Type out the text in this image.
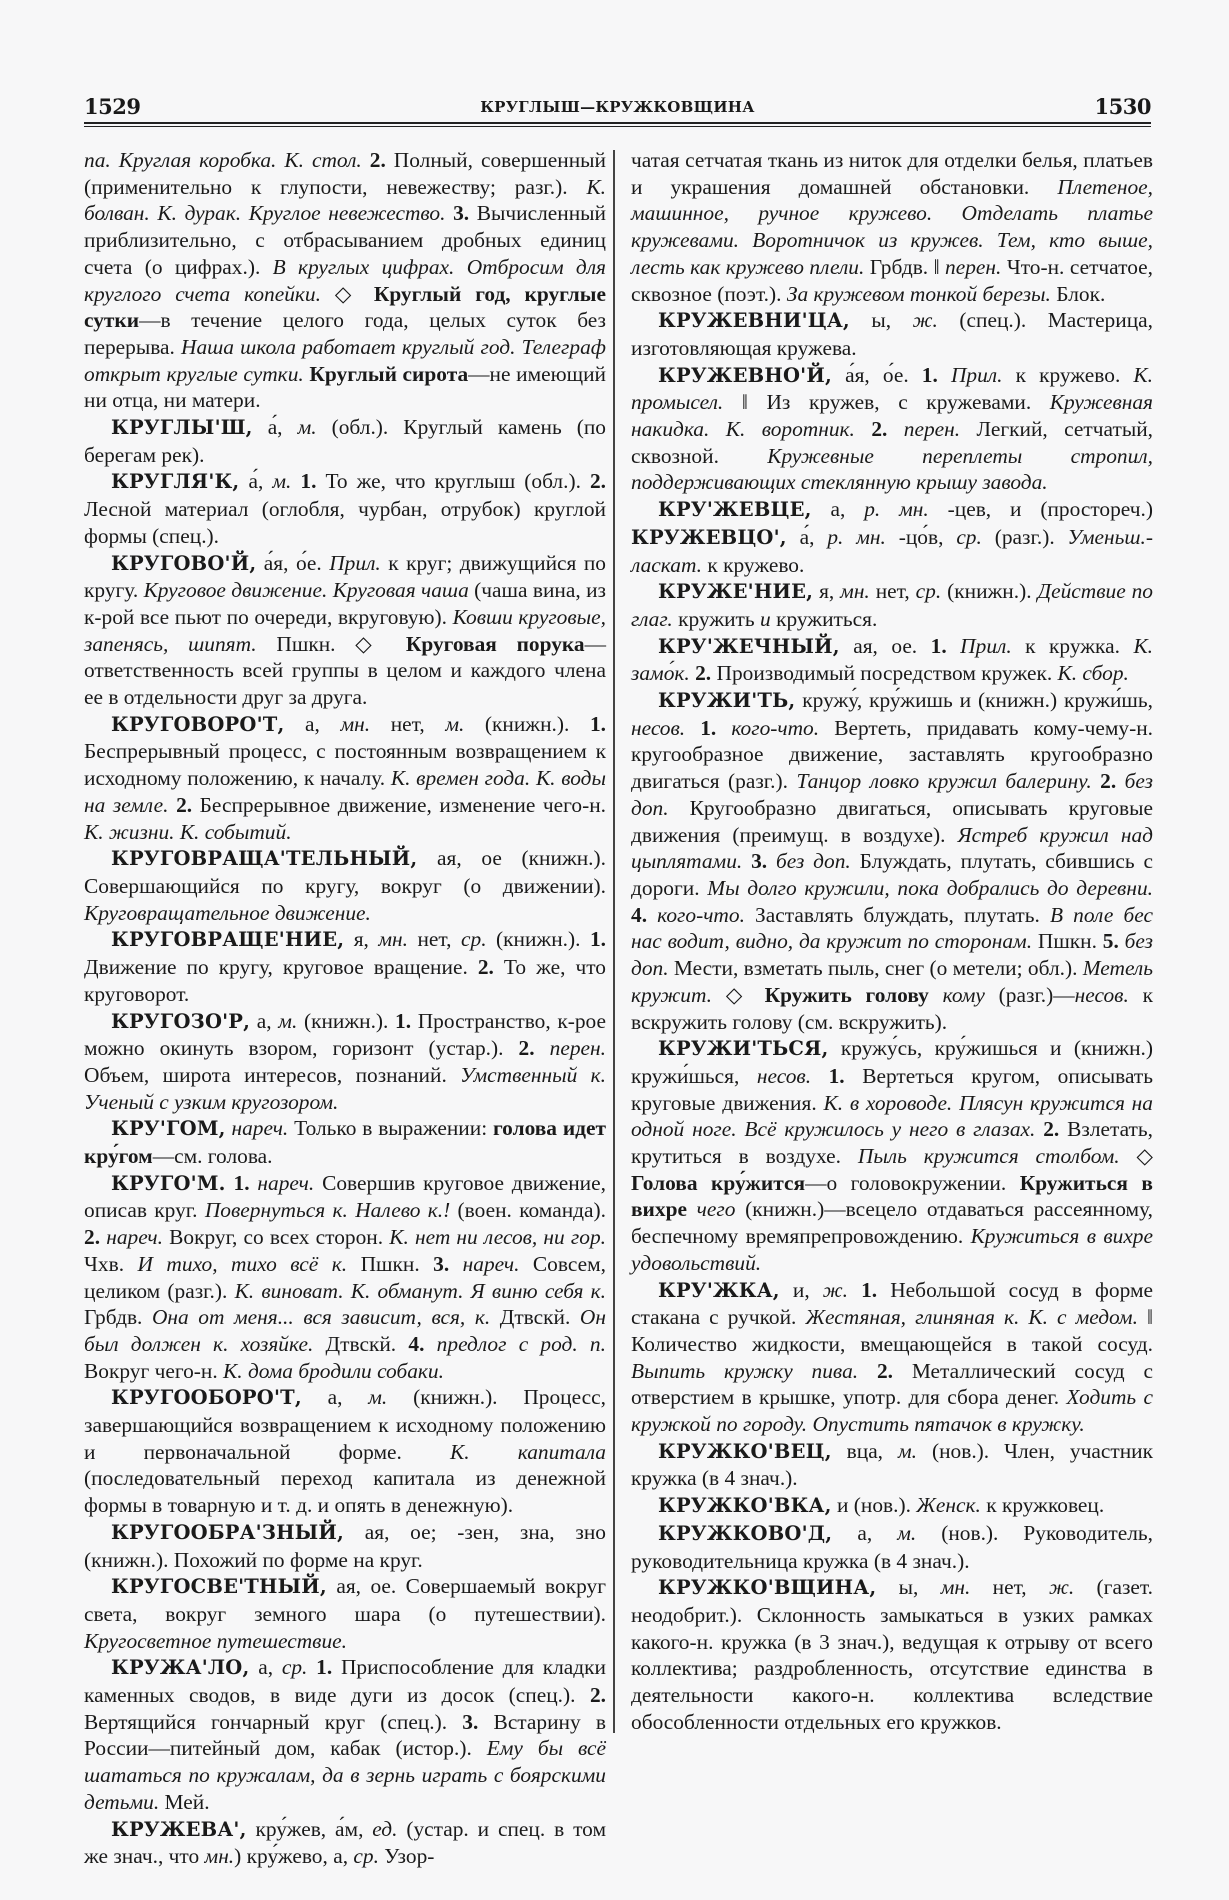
1529	КРУГЛЫШ—КРУЖКОВЩИНА	1530

па. Круглая коробка. К. стол. 2. Полный, совершенный (применительно к глупости, невежеству; разг.). К. болван. К. дурак. Круглое невежество. 3. Вычисленный приблизительно, с отбрасыванием дробных единиц счета (о цифрах.). В круглых цифрах. Отбросим для круглого счета копейки. ◇ Круглый год, круглые сутки—в течение целого года, целых суток без перерыва. Наша школа работает круглый год. Телеграф открыт круглые сутки. Круглый сирота—не имеющий ни отца, ни матери.

КРУГЛЫ'Ш, а́, м. (обл.). Круглый камень (по берегам рек).

КРУГЛЯ'К, а́, м. 1. То же, что круглыш (обл.). 2. Лесной материал (оглобля, чурбан, отрубок) круглой формы (спец.).

КРУГОВО'Й, а́я, о́е. Прил. к круг; движущийся по кругу. Круговое движение. Круговая чаша (чаша вина, из к-рой все пьют по очереди, вкруговую). Ковши круговые, запенясь, шипят. Пшкн. ◇ Круговая порука—ответственность всей группы в целом и каждого члена ее в отдельности друг за друга.

КРУГОВОРО'Т, а, мн. нет, м. (книжн.). 1. Беспрерывный процесс, с постоянным возвращением к исходному положению, к началу. К. времен года. К. воды на земле. 2. Беспрерывное движение, изменение чего-н. К. жизни. К. событий.

КРУГОВРАЩА'ТЕЛЬНЫЙ, ая, ое (книжн.). Совершающийся по кругу, вокруг (о движении). Круговращательное движение.

КРУГОВРАЩЕ'НИЕ, я, мн. нет, ср. (книжн.). 1. Движение по кругу, круговое вращение. 2. То же, что круговорот.

КРУГОЗО'Р, а, м. (книжн.). 1. Пространство, к-рое можно окинуть взором, горизонт (устар.). 2. перен. Объем, широта интересов, познаний. Умственный к. Ученый с узким кругозором.

КРУ'ГОМ, нареч. Только в выражении: голова идет кру́гом—см. голова.

КРУГО'М. 1. нареч. Совершив круговое движение, описав круг. Повернуться к. Налево к.! (воен. команда). 2. нареч. Вокруг, со всех сторон. К. нет ни лесов, ни гор. Чхв. И тихо, тихо всё к. Пшкн. 3. нареч. Совсем, целиком (разг.). К. виноват. К. обманут. Я виню себя к. Грбдв. Она от меня... вся зависит, вся, к. Дтвскй. Он был должен к. хозяйке. Дтвскй. 4. предлог с род. п. Вокруг чего-н. К. дома бродили собаки.

КРУГООБОРО'Т, а, м. (книжн.). Процесс, завершающийся возвращением к исходному положению и первоначальной форме. К. капитала (последовательный переход капитала из денежной формы в товарную и т. д. и опять в денежную).

КРУГООБРА'ЗНЫЙ, ая, ое; -зен, зна, зно (книжн.). Похожий по форме на круг.

КРУГОСВЕ'ТНЫЙ, ая, ое. Совершаемый вокруг света, вокруг земного шара (о путешествии). Кругосветное путешествие.

КРУЖА'ЛО, а, ср. 1. Приспособление для кладки каменных сводов, в виде дуги из досок (спец.). 2. Вертящийся гончарный круг (спец.). 3. Встарину в России—питейный дом, кабак (истор.). Ему бы всё шататься по кружалам, да в зернь играть с боярскими детьми. Мей.

КРУЖЕВА', кру́жев, а́м, ед. (устар. и спец. в том же знач., что мн.) кру́жево, а, ср. Узор-

чатая сетчатая ткань из ниток для отделки белья, платьев и украшения домашней обстановки. Плетеное, машинное, ручное кружево. Отделать платье кружевами. Воротничок из кружев. Тем, кто выше, лесть как кружево плели. Грбдв. ‖ перен. Что-н. сетчатое, сквозное (поэт.). За кружевом тонкой березы. Блок.

КРУЖЕВНИ'ЦА, ы, ж. (спец.). Мастерица, изготовляющая кружева.

КРУЖЕВНО'Й, а́я, о́е. 1. Прил. к кружево. К. промысел. ‖ Из кружев, с кружевами. Кружевная накидка. К. воротник. 2. перен. Легкий, сетчатый, сквозной. Кружевные переплеты стропил, поддерживающих стеклянную крышу завода.

КРУ'ЖЕВЦЕ, а, р. мн. -цев, и (простореч.) КРУЖЕВЦО', а́, р. мн. -цо́в, ср. (разг.). Уменьш.-ласкат. к кружево.

КРУЖЕ'НИЕ, я, мн. нет, ср. (книжн.). Действие по глаг. кружить и кружиться.

КРУ'ЖЕЧНЫЙ, ая, ое. 1. Прил. к кружка. К. замо́к. 2. Производимый посредством кружек. К. сбор.

КРУЖИ'ТЬ, кружу́, кру́жишь и (книжн.) кружи́шь, несов. 1. кого-что. Вертеть, придавать кому-чему-н. кругообразное движение, заставлять кругообразно двигаться (разг.). Танцор ловко кружил балерину. 2. без доп. Кругообразно двигаться, описывать круговые движения (преимущ. в воздухе). Ястреб кружил над цыплятами. 3. без доп. Блуждать, плутать, сбившись с дороги. Мы долго кружили, пока добрались до деревни. 4. кого-что. Заставлять блуждать, плутать. В поле бес нас водит, видно, да кружит по сторонам. Пшкн. 5. без доп. Мести, взметать пыль, снег (о метели; обл.). Метель кружит. ◇ Кружить голову кому (разг.)—несов. к вскружить голову (см. вскружить).

КРУЖИ'ТЬСЯ, кружу́сь, кру́жишься и (книжн.) кружи́шься, несов. 1. Вертеться кругом, описывать круговые движения. К. в хороводе. Плясун кружится на одной ноге. Всё кружилось у него в глазах. 2. Взлетать, крутиться в воздухе. Пыль кружится столбом. ◇ Голова кру́жится—о головокружении. Кружиться в вихре чего (книжн.)—всецело отдаваться рассеянному, беспечному времяпрепровождению. Кружиться в вихре удовольствий.

КРУ'ЖКА, и, ж. 1. Небольшой сосуд в форме стакана с ручкой. Жестяная, глиняная к. К. с медом. ‖ Количество жидкости, вмещающейся в такой сосуд. Выпить кружку пива. 2. Металлический сосуд с отверстием в крышке, употр. для сбора денег. Ходить с кружкой по городу. Опустить пятачок в кружку.

КРУЖКО'ВЕЦ, вца, м. (нов.). Член, участник кружка (в 4 знач.).

КРУЖКО'ВКА, и (нов.). Женск. к кружковец.

КРУЖКОВО'Д, а, м. (нов.). Руководитель, руководительница кружка (в 4 знач.).

КРУЖКО'ВЩИНА, ы, мн. нет, ж. (газет. неодобрит.). Склонность замыкаться в узких рамках какого-н. кружка (в 3 знач.), ведущая к отрыву от всего коллектива; раздробленность, отсутствие единства в деятельности какого-н. коллектива вследствие обособленности отдельных его кружков.
